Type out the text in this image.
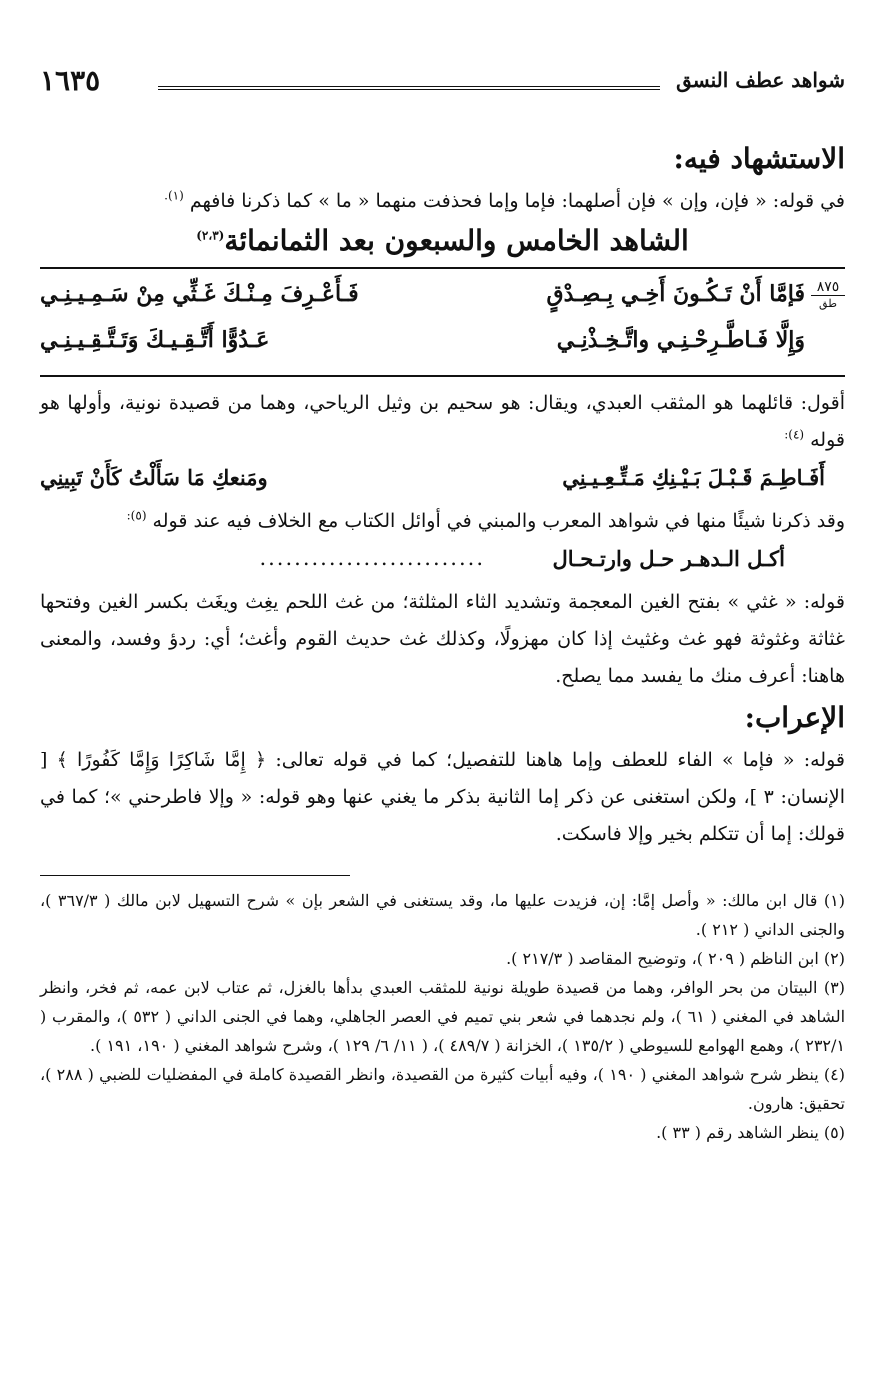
شواهد عطف النسق
١٦٣٥
الاستشهاد فيه:

في قوله: « فإن، وإن » فإن أصلهما: فإما وإما فحذفت منهما « ما » كما ذكرنا فافهم $^{(١).}$

الشاهد الخامس والسبعون بعد الثمانمائة$^{(٢،٣)}$
٨٧٥
طق
فَإمَّا أَنْ تَـكُـونَ أَخِـي بِـصِـدْقٍ
فَـأَعْـرِفَ مِـنْـكَ غَـثِّي مِنْ سَـمِـيـنِـي
وَإِلَّا فَـاطَّـرِحْـنِـي واتَّـخِـذْنِـي
عَـدُوًّا أَتَّـقِـيـكَ وَتَـتَّـقِـيـنِـي

أقول: قائلهما هو المثقب العبدي، ويقال: هو سحيم بن وثيل الرياحي، وهما من قصيدة نونية، وأولها هو قوله $^{(٤):}$

أَفَـاطِـمَ قَـبْـلَ بَـيْـنِكِ مَـتِّـعِـيـنِي
ومَنعكِ مَا سَأَلْتُ كَأَنْ تَبِينِي

وقد ذكرنا شيئًا منها في شواهد المعرب والمبني في أوائل الكتاب مع الخلاف فيه عند قوله $^{(٥):}$

أكـل الـدهـر حـل وارتـحـال
..........................

قوله: « غثي » بفتح الغين المعجمة وتشديد الثاء المثلثة؛ من غث اللحم يغِث ويغَث بكسر الغين وفتحها غثاثة وغثوثة فهو غث وغثيث إذا كان مهزولًا، وكذلك غث حديث القوم وأغث؛ أي: ردؤ وفسد، والمعنى هاهنا: أعرف منك ما يفسد مما يصلح.

الإعراب:

قوله: « فإما » الفاء للعطف وإما هاهنا للتفصيل؛ كما في قوله تعالى: ﴿ إِمَّا شَاكِرًا وَإِمَّا كَفُورًا ﴾ [ الإنسان: ٣ ]، ولكن استغنى عن ذكر إما الثانية بذكر ما يغني عنها وهو قوله: « وإلا فاطرحني »؛ كما في قولك: إما أن تتكلم بخير وإلا فاسكت.

(١) قال ابن مالك: « وأصل إمَّا: إن، فزيدت عليها ما، وقد يستغنى في الشعر بإن » شرح التسهيل لابن مالك ( ٣٦٧/٣ )، والجنى الداني ( ٢١٢ ).

(٢) ابن الناظم ( ٢٠٩ )، وتوضيح المقاصد ( ٢١٧/٣ ).

(٣) البيتان من بحر الوافر، وهما من قصيدة طويلة نونية للمثقب العبدي بدأها بالغزل، ثم عتاب لابن عمه، ثم فخر، وانظر الشاهد في المغني ( ٦١ )، ولم نجدهما في شعر بني تميم في العصر الجاهلي، وهما في الجنى الداني ( ٥٣٢ )، والمقرب ( ٢٣٢/١ )، وهمع الهوامع للسيوطي ( ١٣٥/٢ )، الخزانة ( ٤٨٩/٧ )، ( ١١/ ٦/ ١٢٩ )، وشرح شواهد المغني ( ١٩٠، ١٩١ ).

(٤) ينظر شرح شواهد المغني ( ١٩٠ )، وفيه أبيات كثيرة من القصيدة، وانظر القصيدة كاملة في المفضليات للضبي ( ٢٨٨ )، تحقيق: هارون.

(٥) ينظر الشاهد رقم ( ٣٣ ).
